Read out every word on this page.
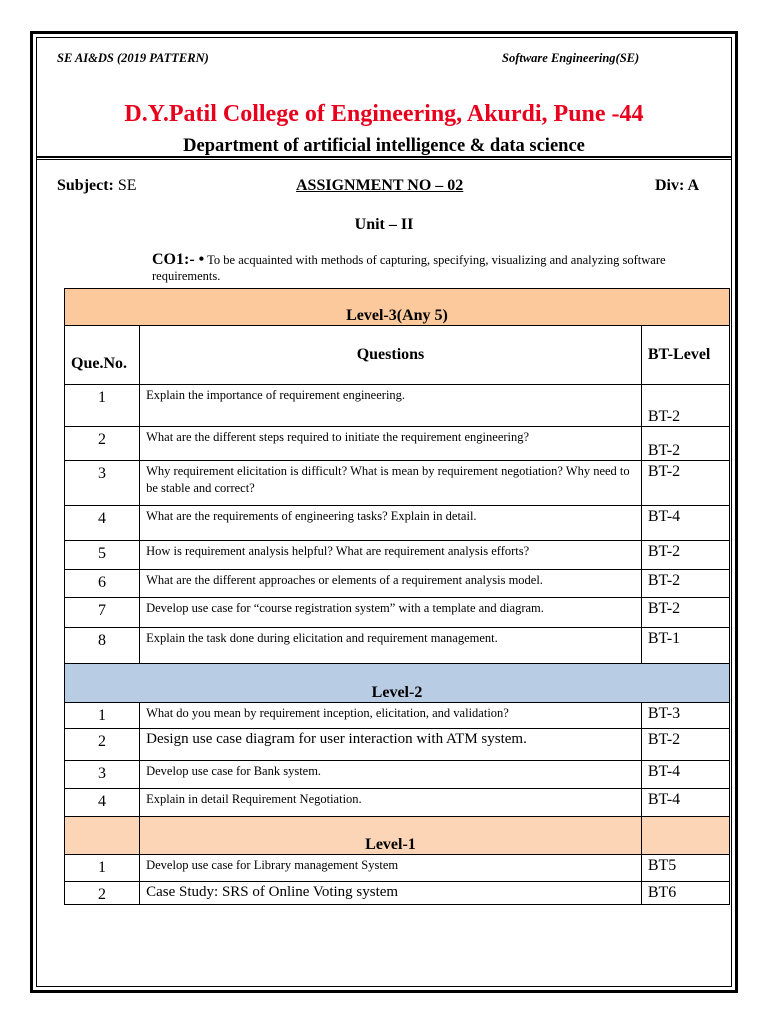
SE AI&DS (2019 PATTERN)	Software Engineering(SE)
D.Y.Patil College of Engineering, Akurdi, Pune -44
Department of artificial intelligence & data science
Subject: SE	ASSIGNMENT NO – 02	Div: A
Unit – II
CO1:- • To be acquainted with methods of capturing, specifying, visualizing and analyzing software requirements.
Level-3(Any 5)		
Que.No.	Questions	BT-Level
1	Explain the importance of requirement engineering.	BT-2
2	What are the different steps required to initiate the requirement engineering?	BT-2
3	Why requirement elicitation is difficult? What is mean by requirement negotiation? Why need to be stable and correct?	BT-2
4	What are the requirements of engineering tasks? Explain in detail.	BT-4
5	How is requirement analysis helpful? What are requirement analysis efforts?	BT-2
6	What are the different approaches or elements of a requirement analysis model.	BT-2
7	Develop use case for “course registration system” with a template and diagram.	BT-2
8	Explain the task done during elicitation and requirement management.	BT-1
Level-2		
1	What do you mean by requirement inception, elicitation, and validation?	BT-3
2	Design use case diagram for user interaction with ATM system.	BT-2
3	Develop use case for Bank system.	BT-4
4	Explain in detail Requirement Negotiation.	BT-4
	Level-1	
1	Develop use case for Library management System	BT5
2	Case Study: SRS of Online Voting system	BT6
